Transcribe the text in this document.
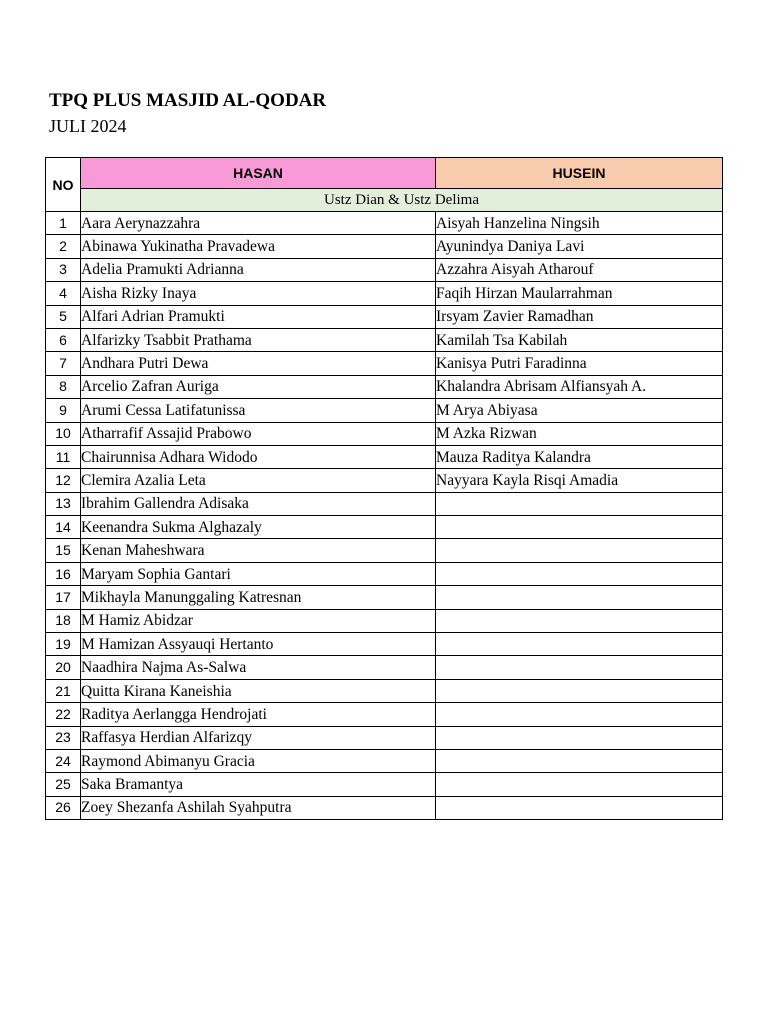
TPQ PLUS MASJID AL-QODAR
JULI 2024
NO	HASAN	HUSEIN
	Ustz Dian & Ustz Delima	
1	Aara Aerynazzahra	Aisyah Hanzelina Ningsih
2	Abinawa Yukinatha Pravadewa	Ayunindya Daniya Lavi
3	Adelia Pramukti Adrianna	Azzahra Aisyah Atharouf
4	Aisha Rizky Inaya	Faqih Hirzan Maularrahman
5	Alfari Adrian Pramukti	Irsyam Zavier Ramadhan
6	Alfarizky Tsabbit Prathama	Kamilah Tsa Kabilah
7	Andhara Putri Dewa	Kanisya Putri Faradinna
8	Arcelio Zafran Auriga	Khalandra Abrisam Alfiansyah A.
9	Arumi Cessa Latifatunissa	M Arya Abiyasa
10	Atharrafif Assajid Prabowo	M Azka Rizwan
11	Chairunnisa Adhara Widodo	Mauza Raditya Kalandra
12	Clemira Azalia Leta	Nayyara Kayla Risqi Amadia
13	Ibrahim Gallendra Adisaka	
14	Keenandra Sukma Alghazaly	
15	Kenan Maheshwara	
16	Maryam Sophia Gantari	
17	Mikhayla Manunggaling Katresnan	
18	M Hamiz Abidzar	
19	M Hamizan Assyauqi Hertanto	
20	Naadhira Najma As-Salwa	
21	Quitta Kirana Kaneishia	
22	Raditya Aerlangga Hendrojati	
23	Raffasya Herdian Alfarizqy	
24	Raymond Abimanyu Gracia	
25	Saka Bramantya	
26	Zoey Shezanfa Ashilah Syahputra	
